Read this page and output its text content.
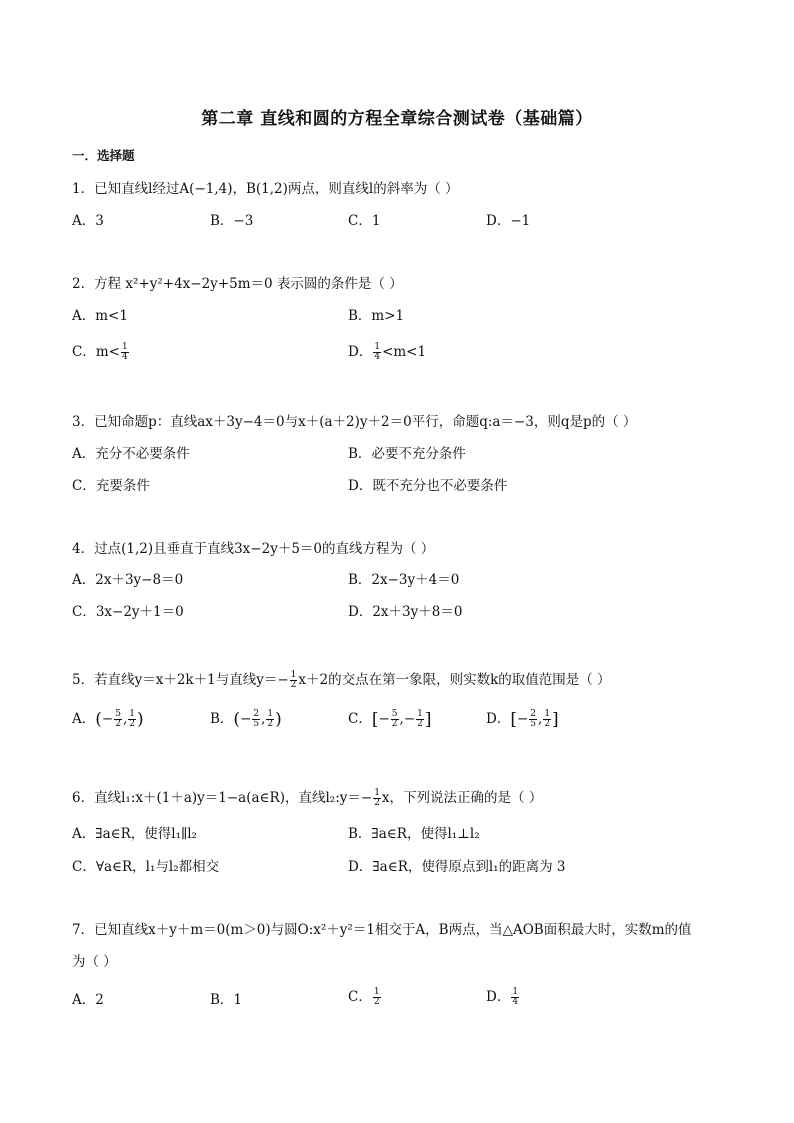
第二章 直线和圆的方程全章综合测试卷（基础篇）
一．选择题
1．已知直线l经过A(−1,4)，B(1,2)两点，则直线l的斜率为（ ）
A．3	B．−3	C．1	D．−1
2．方程 x²+y²+4x−2y+5m＝0 表示圆的条件是（ ）
A．m<1	B．m>1
C．$m< \frac{1}{4}$	D． $\frac{1}{4} <m<1$
3．已知命题p：直线ax＋3y−4＝0与x＋(a＋2)y＋2＝0平行，命题q:a＝−3，则q是p的（ ）
A．充分不必要条件	B．必要不充分条件
C．充要条件	D．既不充分也不必要条件
4．过点(1,2)且垂直于直线3x−2y＋5＝0的直线方程为（ ）
A．2x＋3y−8＝0	B．2x−3y＋4＝0
C．3x−2y＋1＝0	D．2x＋3y＋8＝0
5．若直线y＝x＋2k＋1与直线$y=- \frac{1}{2} x+2$的交点在第一象限，则实数k的取值范围是（ ）
A．(− $\frac{5}{2}$ , $\frac{1}{2}$ )	B．(− $\frac{2}{5}$ , $\frac{1}{2}$ )	C．[− $\frac{5}{2}$ ,− $\frac{1}{2}$ ]	D．[− $\frac{2}{5}$ , $\frac{1}{2}$ ]
6．直线l₁:x＋(1＋a)y＝1−a(a∈R)，直线l₂:y＝− $\frac{1}{2}$ x，下列说法正确的是（ ）
A．∃a∈R，使得l₁∥l₂	B．∃a∈R，使得l₁⊥l₂
C．∀a∈R，l₁与l₂都相交	D．∃a∈R，使得原点到l₁的距离为 3
7．已知直线x＋y＋m＝0(m＞0)与圆O:x²＋y²＝1相交于A，B两点，当△AOB面积最大时，实数m的值
为（ ）
A．2	B．1	C． $\frac{1}{2}$	D． $\frac{1}{4}$
